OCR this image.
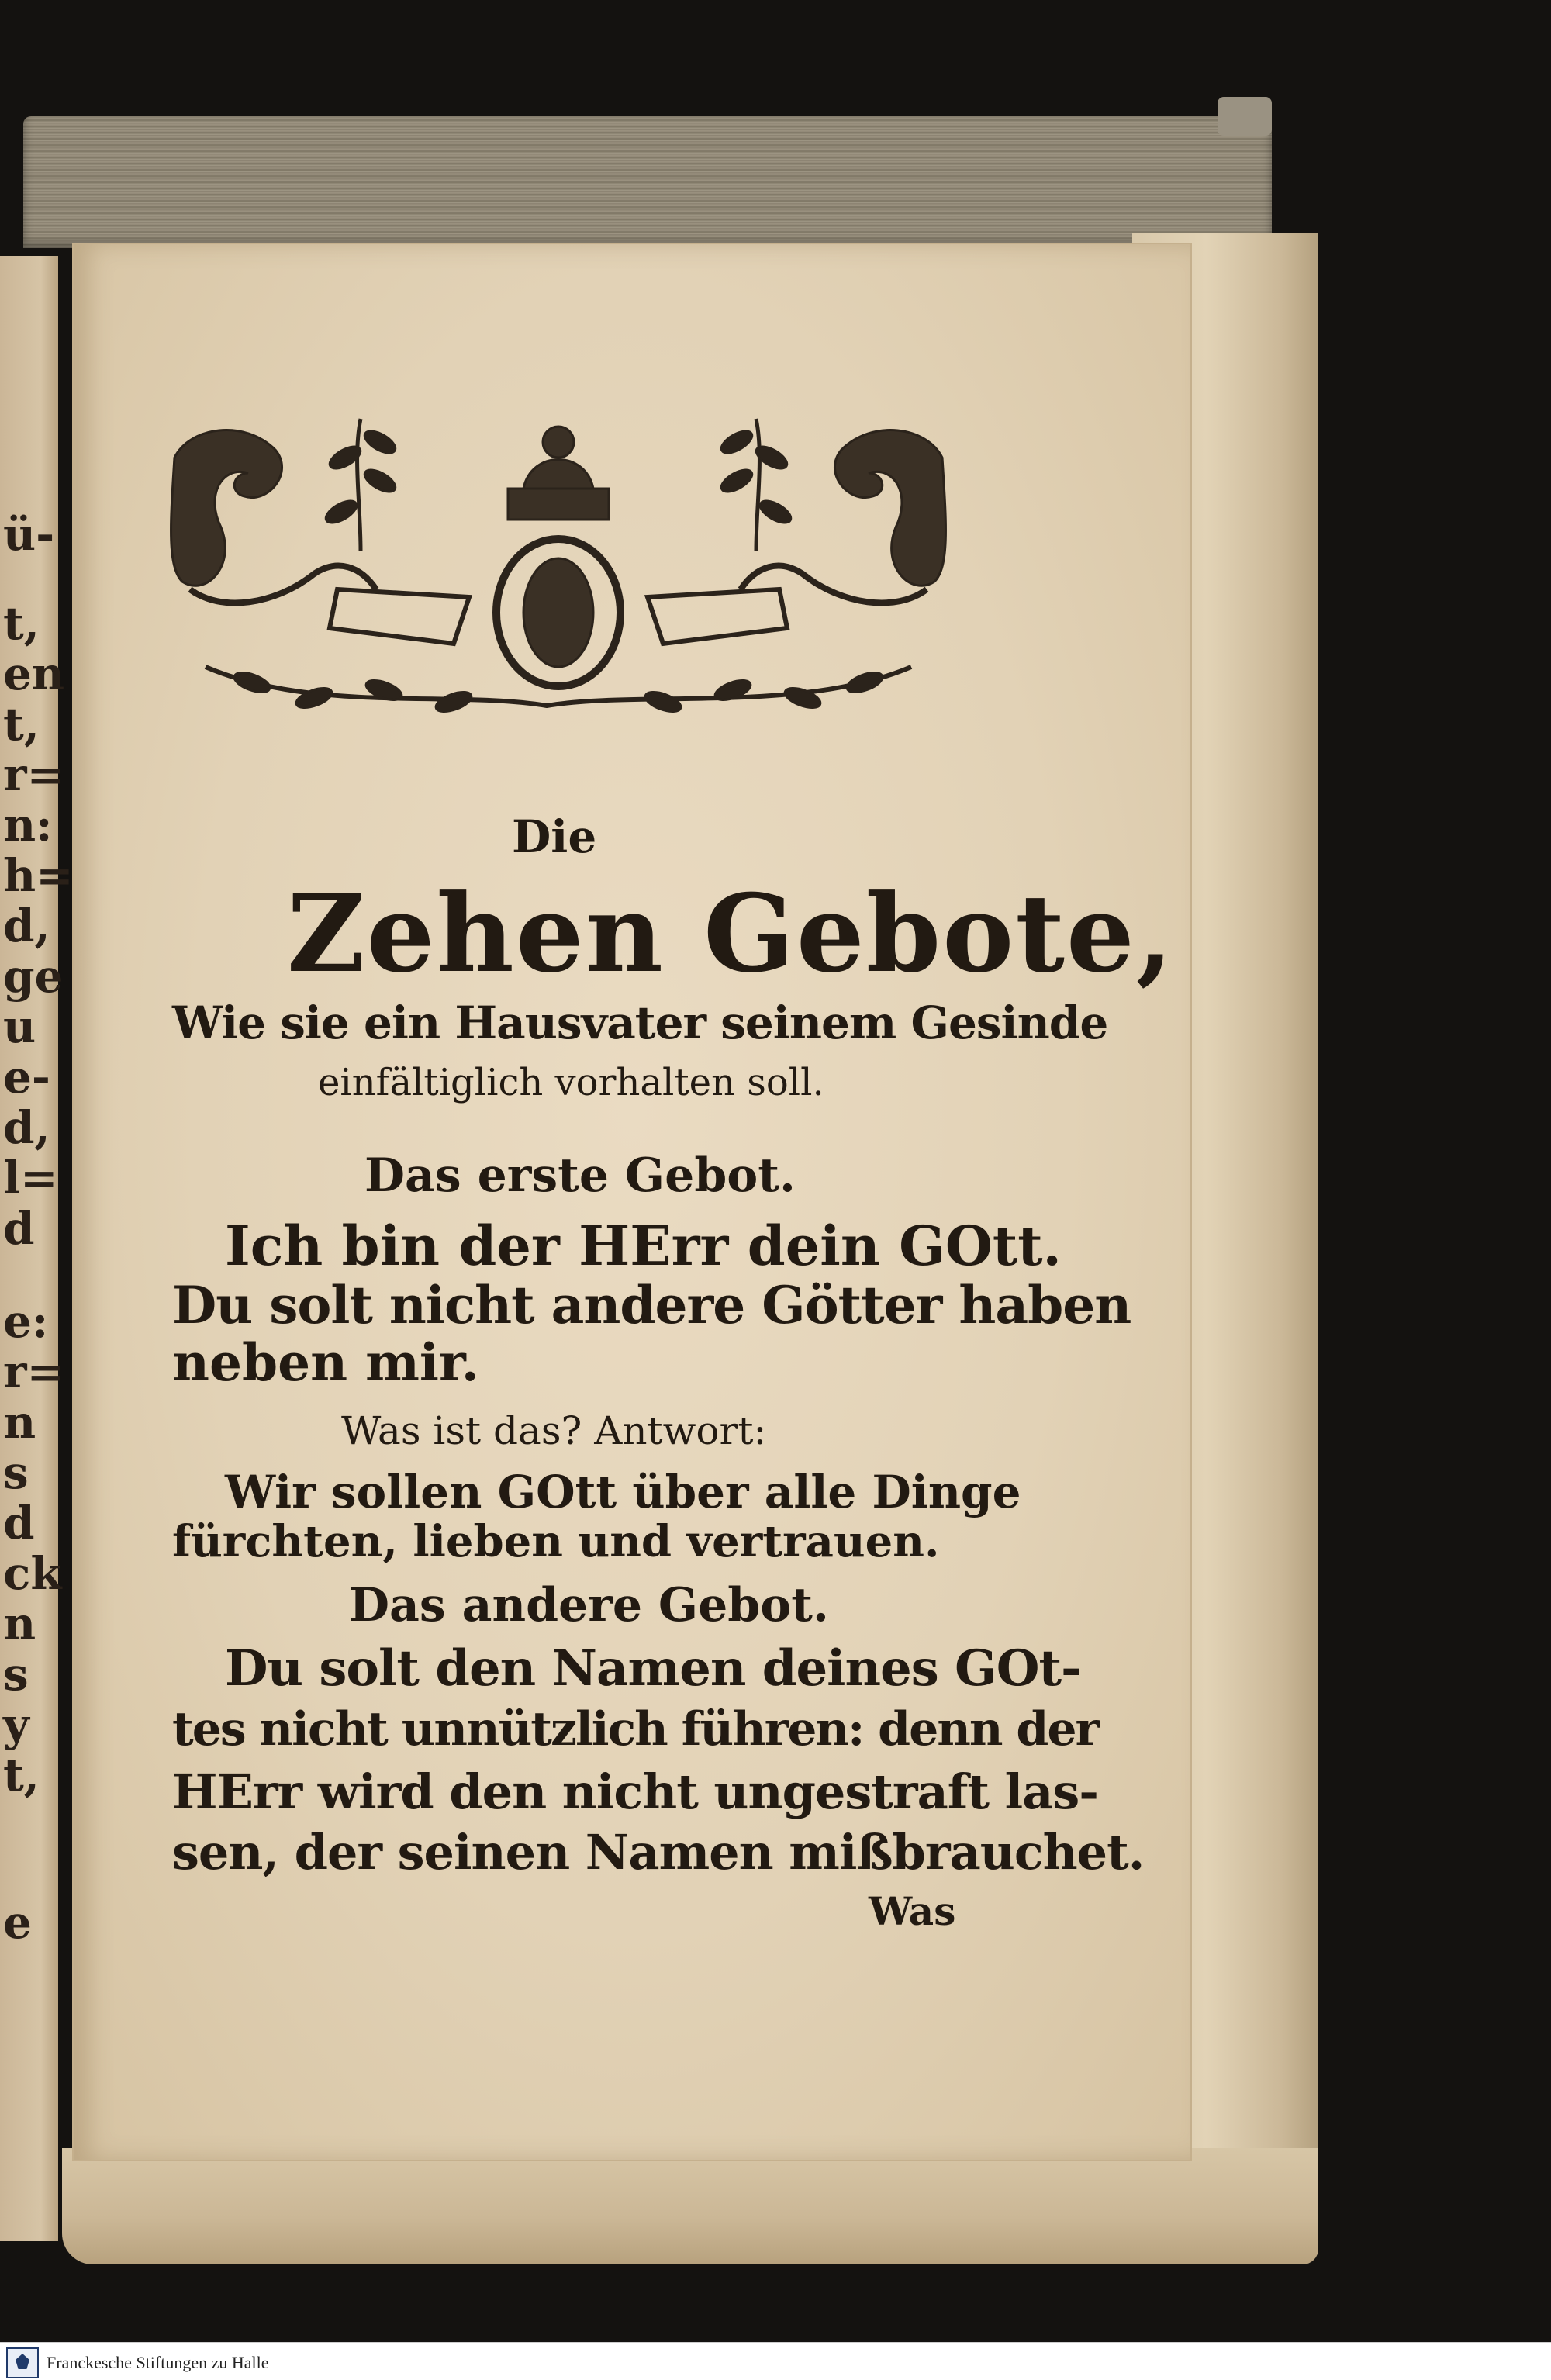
ü-
t,
en
t,
r=
n:
h=
d,
ge
u
e-
d,
l=
d
e:
r=
n
s
d
ck
n
s
y
t,
e
Die
Zehen Gebote,
Wie sie ein Hausvater seinem Gesinde
einfältiglich vorhalten soll.
Das erste Gebot.
Ich bin der HErr dein GOtt.
Du solt nicht andere Götter haben
neben mir.
Was ist das? Antwort:
Wir sollen GOtt über alle Dinge
fürchten, lieben und vertrauen.
Das andere Gebot.
Du solt den Namen deines GOt-
tes nicht unnützlich führen: denn der
HErr wird den nicht ungestraft las-
sen, der seinen Namen mißbrauchet.
Was
Franckesche Stiftungen zu Halle
